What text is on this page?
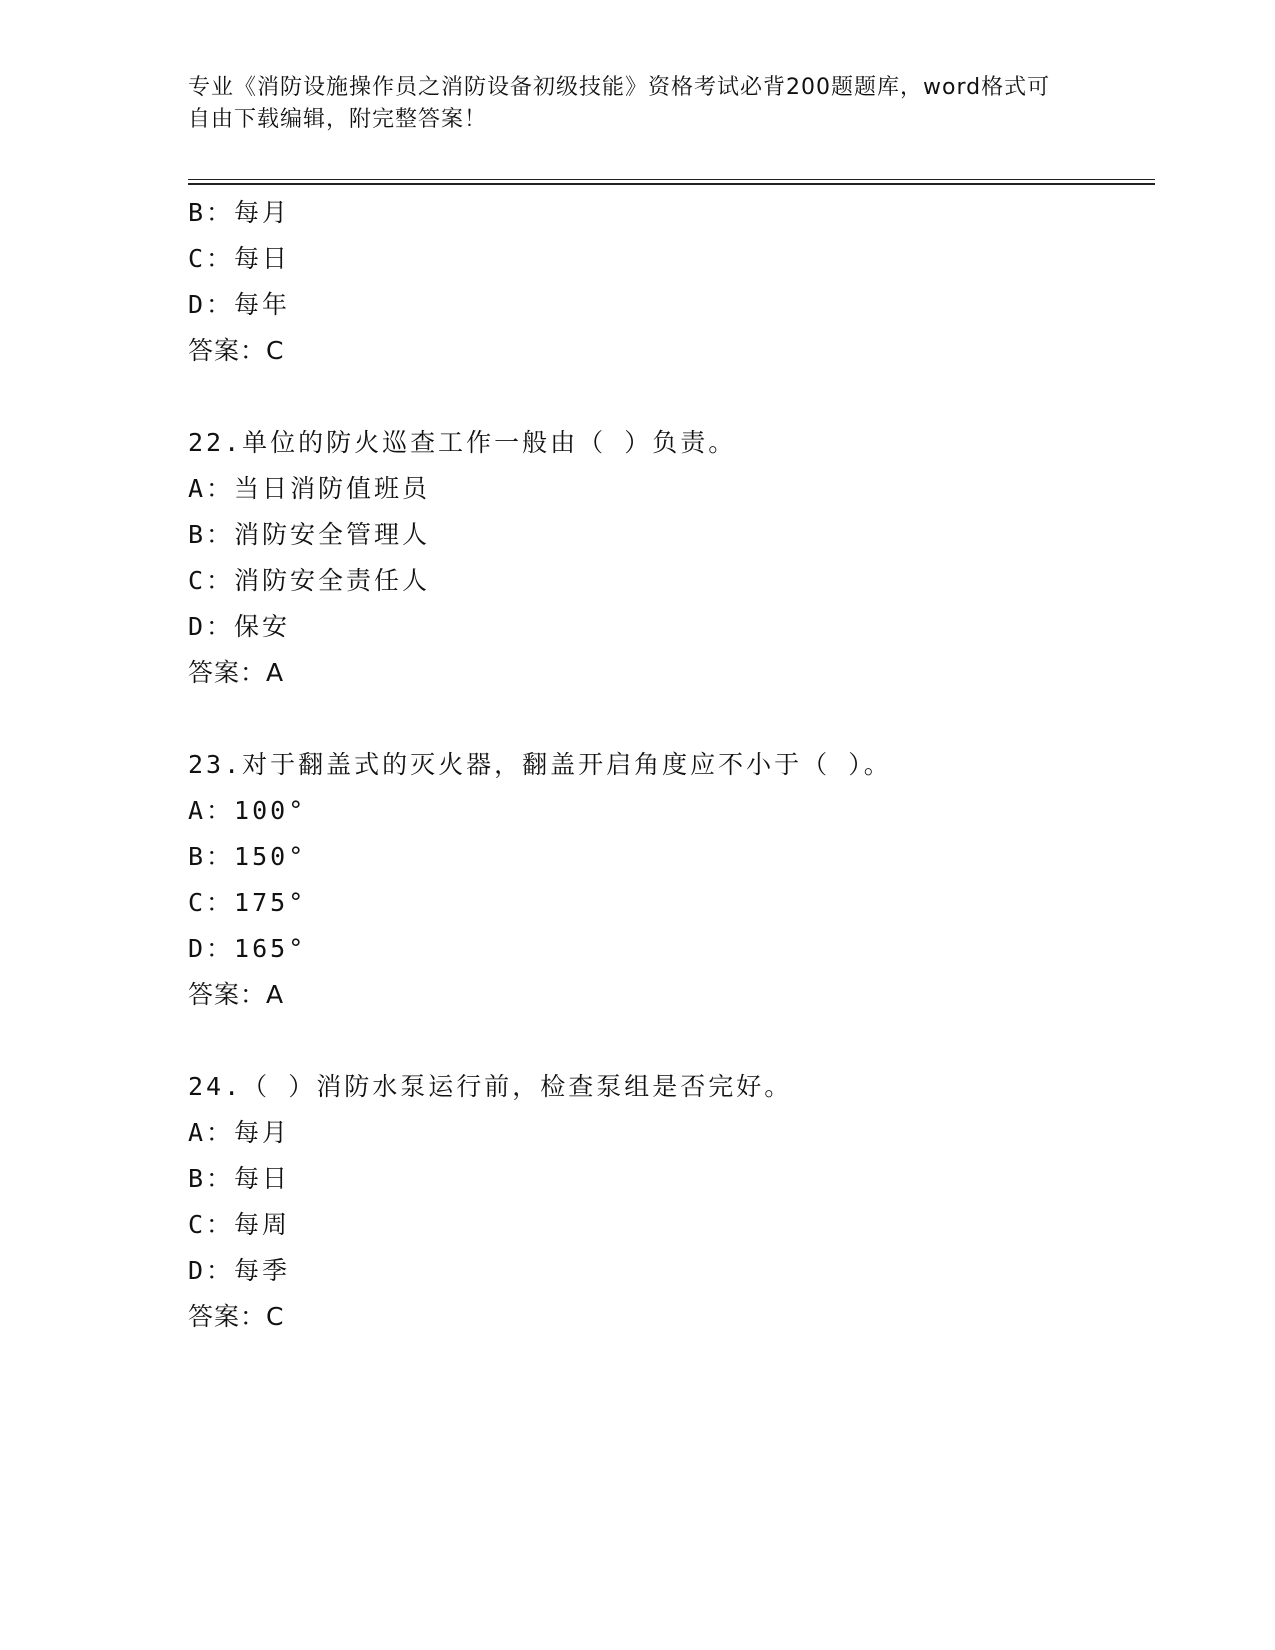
专业《消防设施操作员之消防设备初级技能》资格考试必背200题题库，word格式可自由下载编辑，附完整答案！
B：每月
C：每日
D：每年
答案：C
22.单位的防火巡查工作一般由（ ）负责。
A：当日消防值班员
B：消防安全管理人
C：消防安全责任人
D：保安
答案：A
23.对于翻盖式的灭火器，翻盖开启角度应不小于（ ）。
A：100°
B：150°
C：175°
D：165°
答案：A
24.（ ）消防水泵运行前，检查泵组是否完好。
A：每月
B：每日
C：每周
D：每季
答案：C
